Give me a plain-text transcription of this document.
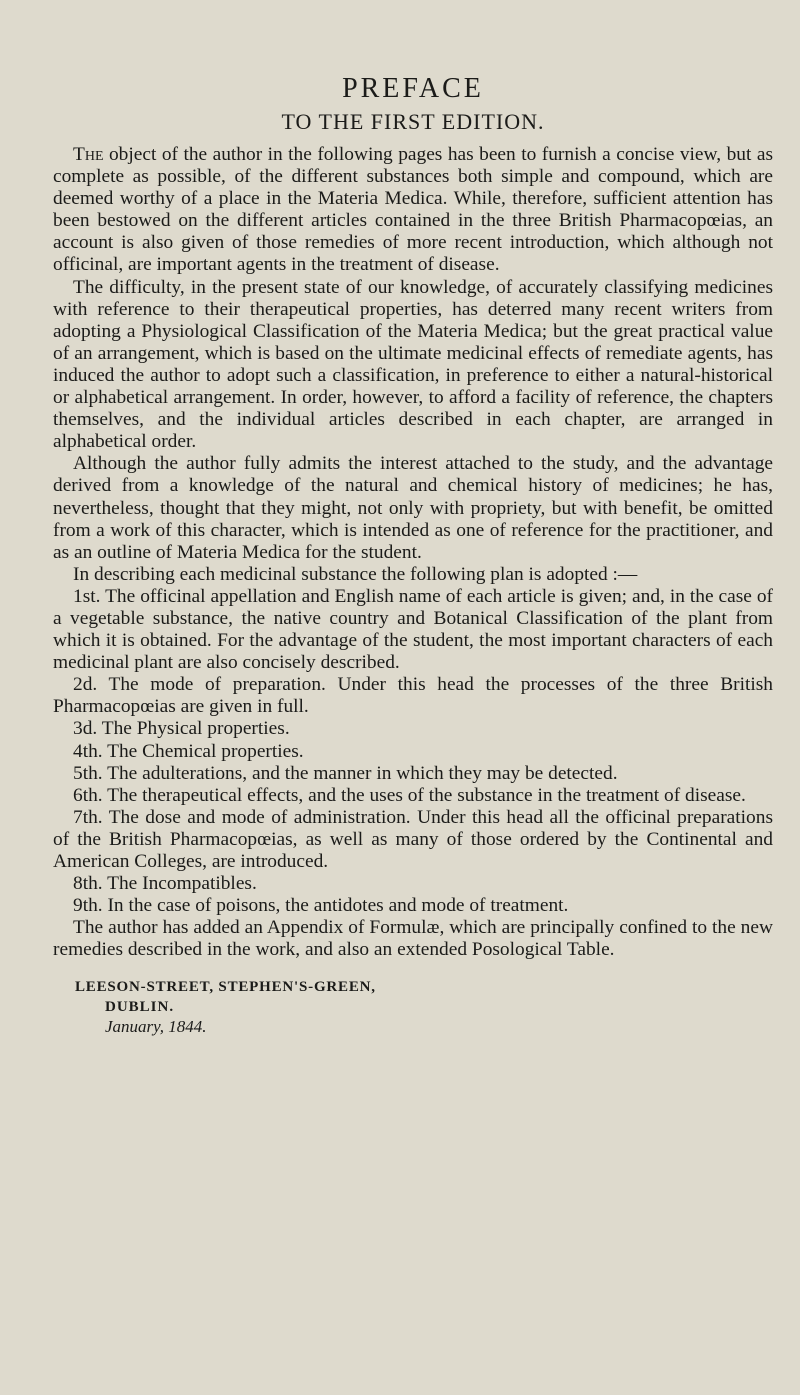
PREFACE
TO THE FIRST EDITION.

The object of the author in the following pages has been to furnish a concise view, but as complete as possible, of the different substances both simple and compound, which are deemed worthy of a place in the Materia Medica. While, therefore, sufficient attention has been bestowed on the different articles contained in the three British Pharmacopœias, an account is also given of those remedies of more recent introduction, which although not officinal, are important agents in the treatment of disease.

The difficulty, in the present state of our knowledge, of accurately classifying medicines with reference to their therapeutical properties, has deterred many recent writers from adopting a Physiological Classification of the Materia Medica; but the great practical value of an arrangement, which is based on the ultimate medicinal effects of remediate agents, has induced the author to adopt such a classification, in preference to either a natural-historical or alphabetical arrangement. In order, however, to afford a facility of reference, the chapters themselves, and the individual articles described in each chapter, are arranged in alphabetical order.

Although the author fully admits the interest attached to the study, and the advantage derived from a knowledge of the natural and chemical history of medicines; he has, nevertheless, thought that they might, not only with propriety, but with benefit, be omitted from a work of this character, which is intended as one of reference for the practitioner, and as an outline of Materia Medica for the student.

In describing each medicinal substance the following plan is adopted :—

1st. The officinal appellation and English name of each article is given; and, in the case of a vegetable substance, the native country and Botanical Classification of the plant from which it is obtained. For the advantage of the student, the most important characters of each medicinal plant are also concisely described.

2d. The mode of preparation. Under this head the processes of the three British Pharmacopœias are given in full.

3d. The Physical properties.

4th. The Chemical properties.

5th. The adulterations, and the manner in which they may be detected.

6th. The therapeutical effects, and the uses of the substance in the treatment of disease.

7th. The dose and mode of administration. Under this head all the officinal preparations of the British Pharmacopœias, as well as many of those ordered by the Continental and American Colleges, are introduced.

8th. The Incompatibles.

9th. In the case of poisons, the antidotes and mode of treatment.

The author has added an Appendix of Formulæ, which are principally confined to the new remedies described in the work, and also an extended Posological Table.

LEESON-STREET, STEPHEN'S-GREEN,
DUBLIN.
January, 1844.
